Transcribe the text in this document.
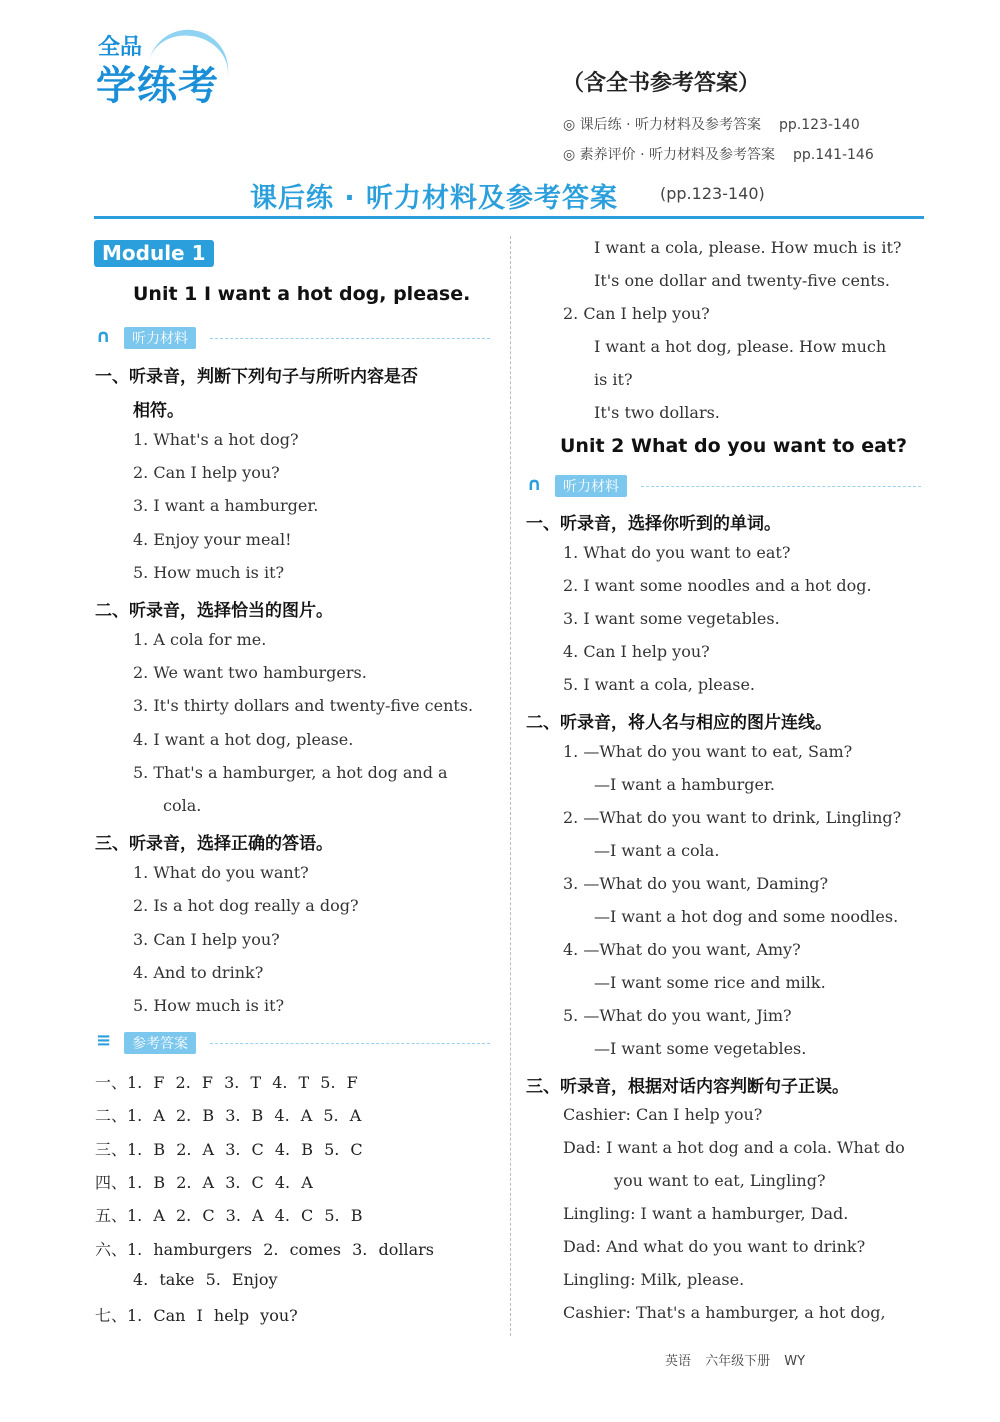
全品
学练考	（含全书参考答案）
◎ 课后练 · 听力材料及参考答案 pp.123-140
◎ 素养评价 · 听力材料及参考答案 pp.141-146
课后练 · 听力材料及参考答案	(pp.123-140)
Module 1
Unit 1 I want a hot dog, please.
∩	听力材料
一、听录音，判断下列句子与所听内容是否
相符。
1. What's a hot dog?
2. Can I help you?
3. I want a hamburger.
4. Enjoy your meal!
5. How much is it?
二、听录音，选择恰当的图片。
1. A cola for me.
2. We want two hamburgers.
3. It's thirty dollars and twenty-five cents.
4. I want a hot dog, please.
5. That's a hamburger, a hot dog and a
cola.
三、听录音，选择正确的答语。
1. What do you want?
2. Is a hot dog really a dog?
3. Can I help you?
4. And to drink?
5. How much is it?
≡	参考答案
一、1. F 2. F 3. T 4. T 5. F
二、1. A 2. B 3. B 4. A 5. A
三、1. B 2. A 3. C 4. B 5. C
四、1. B 2. A 3. C 4. A
五、1. A 2. C 3. A 4. C 5. B
六、1. hamburgers 2. comes 3. dollars
4. take 5. Enjoy
七、1. Can I help you?
I want a cola, please. How much is it?
It's one dollar and twenty-five cents.
2. Can I help you?
I want a hot dog, please. How much
is it?
It's two dollars.
Unit 2 What do you want to eat?
∩	听力材料
一、听录音，选择你听到的单词。
1. What do you want to eat?
2. I want some noodles and a hot dog.
3. I want some vegetables.
4. Can I help you?
5. I want a cola, please.
二、听录音，将人名与相应的图片连线。
1. —What do you want to eat, Sam?
—I want a hamburger.
2. —What do you want to drink, Lingling?
—I want a cola.
3. —What do you want, Daming?
—I want a hot dog and some noodles.
4. —What do you want, Amy?
—I want some rice and milk.
5. —What do you want, Jim?
—I want some vegetables.
三、听录音，根据对话内容判断句子正误。
Cashier: Can I help you?
Dad: I want a hot dog and a cola. What do
you want to eat, Lingling?
Lingling: I want a hamburger, Dad.
Dad: And what do you want to drink?
Lingling: Milk, please.
Cashier: That's a hamburger, a hot dog,
英语 六年级下册 WY
